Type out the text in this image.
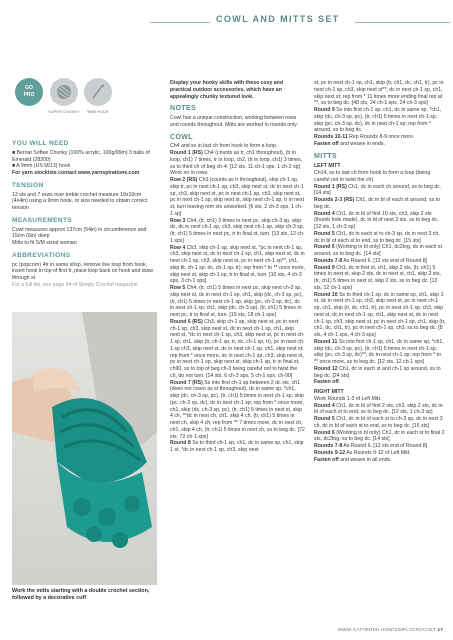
COWL AND MITTS SET
GO
PRO
SUPER CHUNKY	9MM HOOK
YOU WILL NEED

■ Bernat Softee Chunky (100% acrylic, 100g/99m) 3 balls of Emerald (28200)

■ A 9mm (US M/13) hook

For yarn stockists contact www.yarnspirations.com

TENSION

13 sts and 7 rows over treble crochet measure 10x10cm (4x4in) using a 9mm hook, or size needed to obtain correct tension

MEASUREMENTS

Cowl measures approx 137cm (54in) in circumference and 15cm (6in) deep

Mitts to fit S/M sized woman

ABBREVIATIONS

pc (popcorn) 4tr in same st/sp, remove live loop from hook, insert hook in top of first tr, place loop back on hook and draw through st

For a full list, see page 94 of Simply Crochet magazine

Work the mitts starting with a double crochet section, followed by a decorative cuff

Display your hooky skills with these cosy and practical outdoor accessories, which have an appealingly chunky textured look.

NOTES

Cowl has a unique construction, working between rows and rounds throughout. Mitts are worked in rounds only.

COWL

Ch4 and ss in last ch from hook to form a loop.

Round 1 (RS) Ch4 (counts as tr, ch1 throughout), (tr in loop, ch1) 7 times, tr in loop, ch2, (tr in loop, ch1) 3 times, ss to third ch of beg ch-4. [12 sts, 11 ch-1 sps, 1 ch-2 sp] Work on in rows.

Row 2 (RS) Ch3 (counts as tr throughout), skip ch-1 sp, skip tr, pc in next ch-1 sp, ch3, skip next st, dc in next ch-1 sp, ch3, skip next st, pc in next ch-1 sp, ch3, skip next st, pc in next ch-1 sp, skip next st, skip next ch-1 sp, tr in next st, turn leaving rem sts unworked. [6 sts, 2 ch-3 sps, 1 ch-1 sp]

Row 3 Ch4, (tr, ch1) 3 times in next pc, skip ch-3 sp, skip dc, dc in next ch-1 sp, ch3, skip next ch-1 sp, skip ch-3 sp, (tr, ch1) 5 times in next pc, tr in final st, turn. [13 sts, 12 ch-1 sps]

Row 4 Ch3, skip ch-1 sp, skip next st, *pc in next ch-1 sp, ch3, skip next st, dc in next ch-1 sp, ch1, skip next st, dc in next ch-1 sp, ch3, skip next st, pc in next ch-1 sp**, ch1, skip tlt, ch-1 sp, dc, ch-1 sp, tr); rep from * to ** once more, skip next st, skip ch-1 sp, tr in final st, turn. [10 sts, 4 ch-3 sps, 3 ch-1 sps]

Row 5 Ch4, (tr, ch1) 5 times in next pc, skip next ch-3 sp, skip next st, dc in next ch-1 sp, ch1, skip (dc, ch-3 sp, pc), (tr, ch1) 5 times in next ch-1 sp, skip (pc, ch-3 sp, dc), dc in next ch-1 sp, ch1, skip (dc, ch-3 sp), (tr, ch1) 5 times in next pc, tr in final st, turn. [19 sts, 18 ch-1 sps]

Round 6 (RS) Ch3, skip ch-1 sp, skip next st, pc in next ch-1 sp, ch3, skip next st, dc in next ch-1 sp, ch1, skip next st, *dc in next ch-1 sp, ch3, skip next st, pc in next ch-1 sp, ch1, skip (tr, ch-1 sp, tr, dc, ch-1 sp, tr), pc in next ch-1 sp ch3, skip next st, dc in next ch-1 sp, ch1, skip next st; rep from * once more, dc in next ch-1 sp, ch3, skip next st, pc in next ch-1 sp, skip next st, skip ch-1 sp, tr in final st, ch90, ss to top of beg ch-3 being careful not to twist the ch, do not turn. [14 sts, 6 ch-3 sps, 5 ch-1 sps, ch-90]

Round 7 (RS) Ss into first ch-1 sp between 2 dc sts, ch1 (does not count as st throughout), dc in same sp, *ch1, skip (dc, ch-3 sp, pc), (tr, ch1) 5 times in next ch-1 sp, skip (pc, ch-3 sp, dc), dc in next ch-1 sp; rep from * once more, ch1, skip (dc, ch-3 sp, pc), (tr, ch1) 5 times in next st, skip 4 ch, **dc in next ch, ch1, skip 4 ch, (tr, ch1) 5 times in next ch, skip 4 ch; rep from ** 7 times more, dc in next ch, ch1, skip 4 ch, (tr, ch1) 5 times in next ch, ss to beg dc. [72 sts, 72 ch-1 sps]

Round 8 Ss to third ch-1 sp, ch1, dc in same sp, ch1, skip 1 st, *dc in next ch-1 sp, ch3, skip next

st, pc in next ch-1 sp, ch1, skip (tr, ch1, dc, ch1, tr), pc in next ch-1 sp, ch3, skip next st**, dc in next ch-1 sp, ch1, skip next st; rep from * 11 times more ending final rep at **, ss to beg dc. [48 sts, 24 ch-1 sps, 24 ch-3 sps]

Round 9 Ss into first ch-1 sp, ch1, dc in same sp, *ch1, skip (dc, ch-3 sp, pc), (tr, ch1) 5 times in next ch-1 sp, skip (pc, ch-3 sp, dc), dc in next ch-1 sp; rep from * around, ss to beg dc.

Rounds 10-11 Rep Rounds 8-9 once more.

Fasten off and weave in ends.

MITTS
LEFT MITT

Ch14, ss to last ch from hook to form a loop (being careful not to twist the ch).

Round 1 (RS) Ch1, dc in each ch around, ss to beg dc. [14 sts]

Rounds 2-3 (RS) Ch1, dc in bl of each st around, ss to beg dc.

Round 4 Ch1, dc in bl of first 10 sts, ch3, skip 2 sts (thumb hole made), dc in bl of next 2 sts, ss to beg dc. [12 sts, 1 ch-3 sp]

Round 5 Ch1, dc in each st to ch-3 sp, dc in next 3 ch, dc in bl of each st to end, ss to beg dc. [15 sts]

Round 6 (Working in bl only) Ch1, dc2tog, dc in each st around, ss to beg dc. [14 sts]

Rounds 7-8 As Round 6. [12 sts end of Round 8]

Round 9 Ch1, dc in first st, ch1, skip 2 sts, (tr, ch1) 5 times in next st, skip 2 sts, dc in next st, ch1, skip 2 sts, (tr, ch1) 5 times in next st, skip 2 sts, ss to beg dc. [12 sts, 12 ch-1 sps]

Round 10 Ss to third ch-1 sp, dc in same sp, ch1, skip 1 st, dc in next ch-1 sp, ch3, skip next st, pc in next ch-1 sp, ch1, skip (tr, dc, ch1, tr), pc in next ch-1 sp, ch3, skip next st, dc in next ch-1 sp, ch1, skip next st, dc in next ch-1 sp, ch3, skip next st, pc in next ch-1 sp, ch1, skip (tr, ch1, dc, ch1, tr), pc in next ch-1 sp, ch3, ss to beg dc. [8 sts, 4 ch-1 sps, 4 ch-3 sps]

Round 11 Ss into first ch-1 sp, ch1, dc in same sp, *ch1, skip (dc, ch-3 sp, pc), (tr, ch1) 5 times in next ch-1 sp, skip (pc, ch-3 sp, dc)**, dc in next ch-1 sp; rep from * to ** once more, ss to beg dc. [12 sts, 12 ch-1 sps]

Round 12 Ch1, dc in each st and ch-1 sp around, ss to beg dc. [24 sts]

Fasten off.

RIGHT MITT

Work Rounds 1-3 of Left Mitt.

Round 4 Ch1, dc in bl of first 2 sts, ch3, skip 2 sts, dc in bl of each st to end, ss to beg dc. [12 sts, 1 ch-3 sp]

Round 5 Ch1, dc in bl of each st to ch-3 sp, dc in next 3 ch, dc in bl of each st to end, ss to beg dc. [15 sts]

Round 6 (Working in bl only) Ch1, dc in each st to final 2 sts, dc2tog, ss to beg dc. [14 sts]

Rounds 7-8 As Round 6. [12 sts end of Round 8]

Rounds 9-12 As Rounds 9-12 of Left Mitt.

Fasten off and weave in all ends.

WWW.GATHERED.HOW/SIMPLYCROCHET 17
